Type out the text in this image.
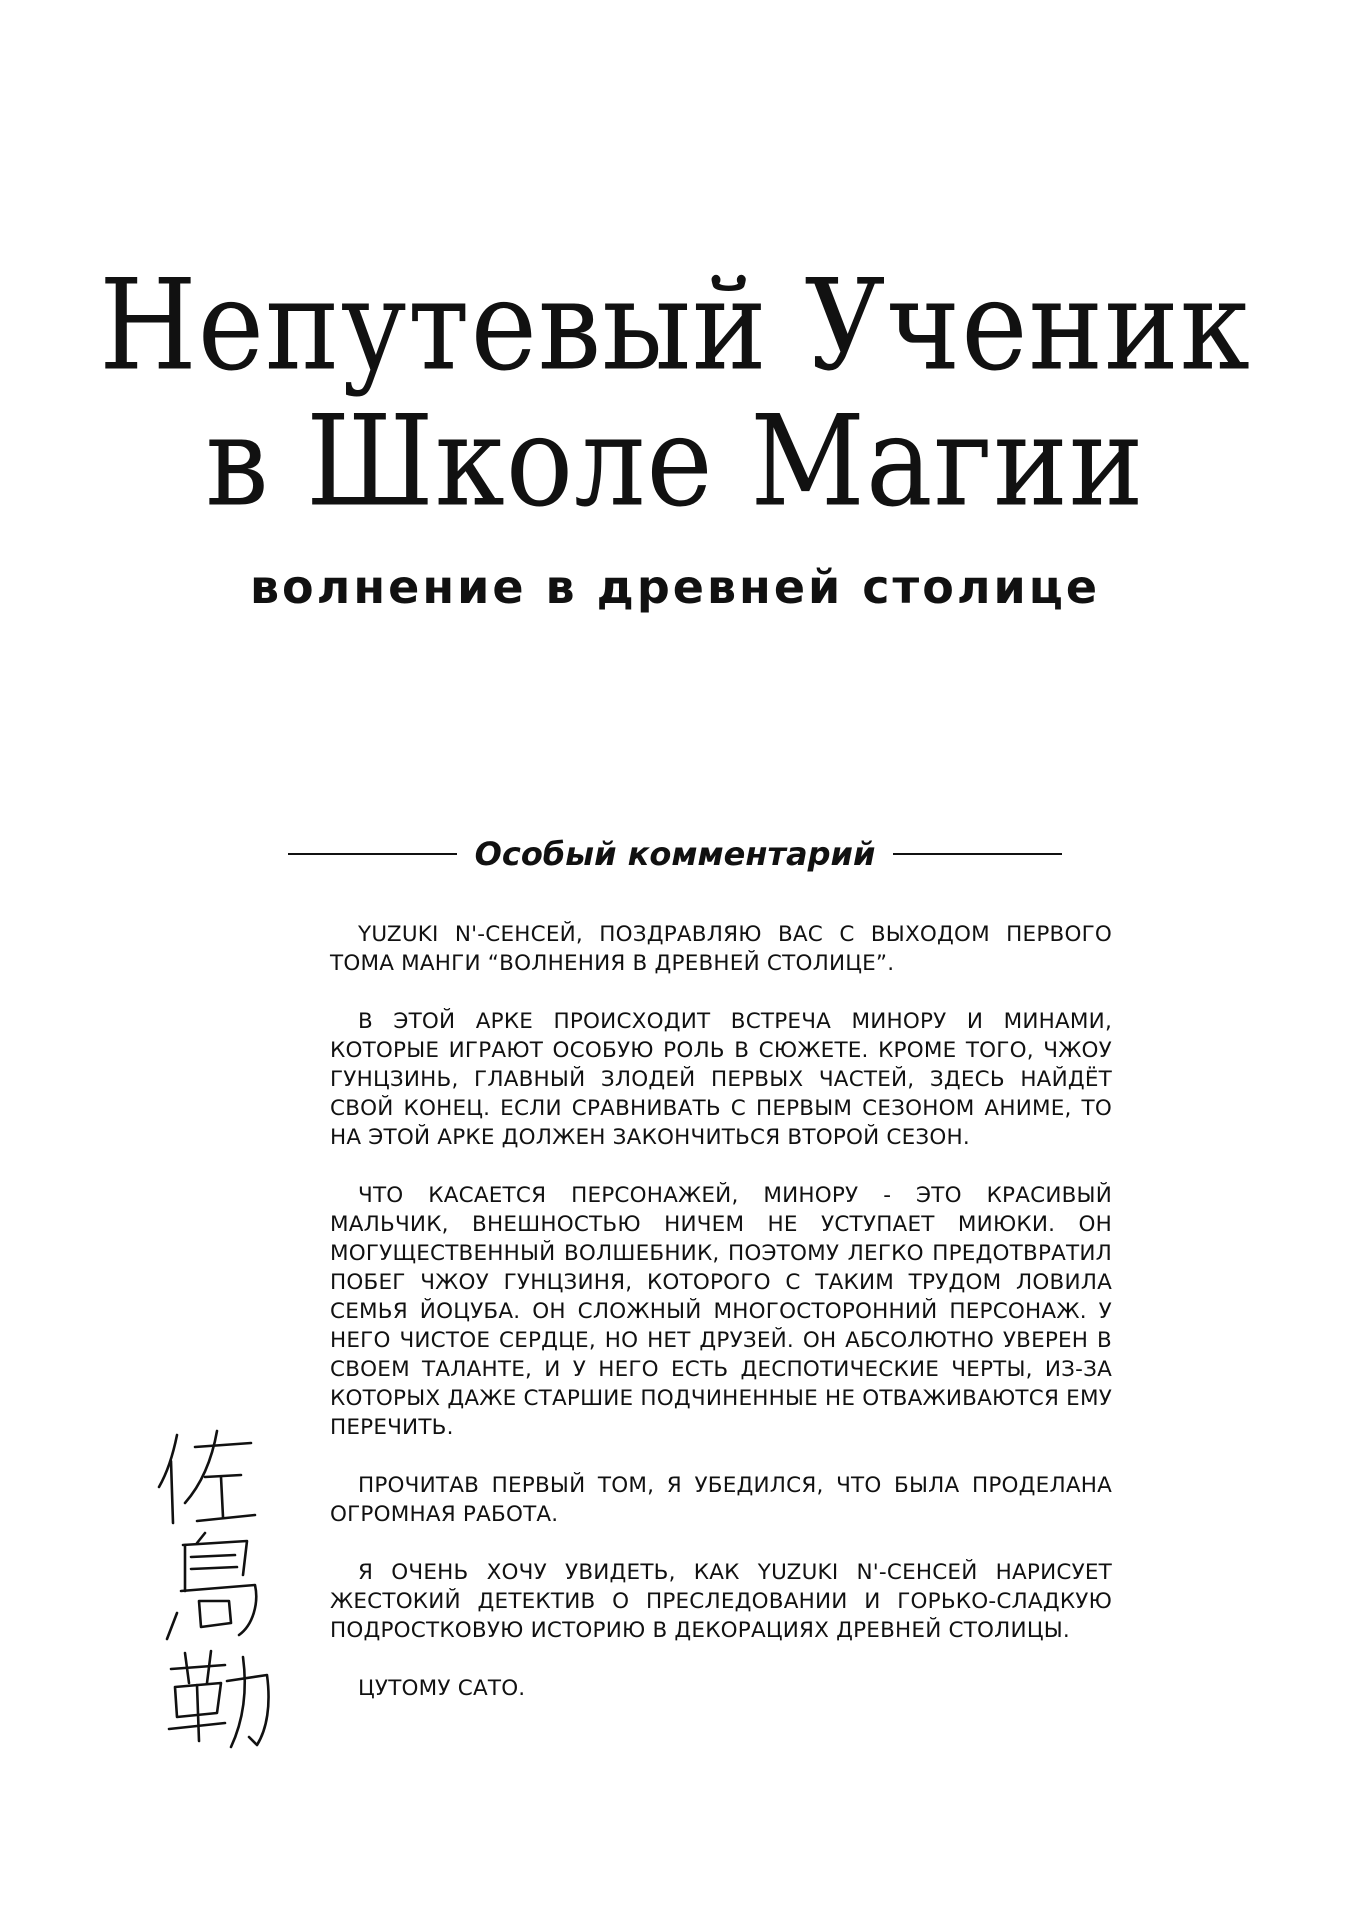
Непутевый Ученик
в Школе Магии
волнение в древней столице
Особый комментарий

YUZUKI N'-СЕНСЕЙ, ПОЗДРАВЛЯЮ ВАС С ВЫХОДОМ ПЕРВОГО ТОМА МАНГИ “ВОЛНЕНИЯ В ДРЕВНЕЙ СТОЛИЦЕ”.

В ЭТОЙ АРКЕ ПРОИСХОДИТ ВСТРЕЧА МИНОРУ И МИНАМИ, КОТОРЫЕ ИГРАЮТ ОСОБУЮ РОЛЬ В СЮЖЕТЕ. КРОМЕ ТОГО, ЧЖОУ ГУНЦЗИНЬ, ГЛАВНЫЙ ЗЛОДЕЙ ПЕРВЫХ ЧАСТЕЙ, ЗДЕСЬ НАЙДЁТ СВОЙ КОНЕЦ. ЕСЛИ СРАВНИВАТЬ С ПЕРВЫМ СЕЗОНОМ АНИМЕ, ТО НА ЭТОЙ АРКЕ ДОЛЖЕН ЗАКОНЧИТЬСЯ ВТОРОЙ СЕЗОН.

ЧТО КАСАЕТСЯ ПЕРСОНАЖЕЙ, МИНОРУ - ЭТО КРАСИВЫЙ МАЛЬЧИК, ВНЕШНОСТЬЮ НИЧЕМ НЕ УСТУПАЕТ МИЮКИ. ОН МОГУЩЕСТВЕННЫЙ ВОЛШЕБНИК, ПОЭТОМУ ЛЕГКО ПРЕДОТВРАТИЛ ПОБЕГ ЧЖОУ ГУНЦЗИНЯ, КОТОРОГО С ТАКИМ ТРУДОМ ЛОВИЛА СЕМЬЯ ЙОЦУБА. ОН СЛОЖНЫЙ МНОГОСТОРОННИЙ ПЕРСОНАЖ. У НЕГО ЧИСТОЕ СЕРДЦЕ, НО НЕТ ДРУЗЕЙ. ОН АБСОЛЮТНО УВЕРЕН В СВОЕМ ТАЛАНТЕ, И У НЕГО ЕСТЬ ДЕСПОТИЧЕСКИЕ ЧЕРТЫ, ИЗ-ЗА КОТОРЫХ ДАЖЕ СТАРШИЕ ПОДЧИНЕННЫЕ НЕ ОТВАЖИВАЮТСЯ ЕМУ ПЕРЕЧИТЬ.

ПРОЧИТАВ ПЕРВЫЙ ТОМ, Я УБЕДИЛСЯ, ЧТО БЫЛА ПРОДЕЛАНА ОГРОМНАЯ РАБОТА.

Я ОЧЕНЬ ХОЧУ УВИДЕТЬ, КАК YUZUKI N'-СЕНСЕЙ НАРИСУЕТ ЖЕСТОКИЙ ДЕТЕКТИВ О ПРЕСЛЕДОВАНИИ И ГОРЬКО-СЛАДКУЮ ПОДРОСТКОВУЮ ИСТОРИЮ В ДЕКОРАЦИЯХ ДРЕВНЕЙ СТОЛИЦЫ.

ЦУТОМУ САТО.
